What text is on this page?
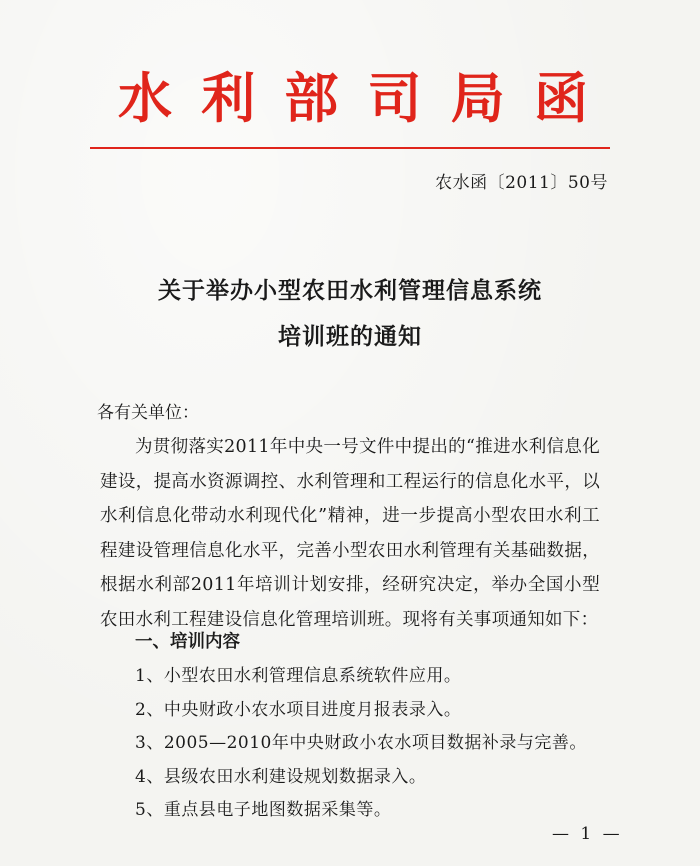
水 利 部 司 局 函
农水函〔2011〕50号
关于举办小型农田水利管理信息系统
培训班的通知
各有关单位：
为贯彻落实2011年中央一号文件中提出的“推进水利信息化建设，提高水资源调控、水利管理和工程运行的信息化水平，以水利信息化带动水利现代化”精神，进一步提高小型农田水利工程建设管理信息化水平，完善小型农田水利管理有关基础数据，根据水利部2011年培训计划安排，经研究决定，举办全国小型农田水利工程建设信息化管理培训班。现将有关事项通知如下：
一、培训内容
1、小型农田水利管理信息系统软件应用。
2、中央财政小农水项目进度月报表录入。
3、2005—2010年中央财政小农水项目数据补录与完善。
4、县级农田水利建设规划数据录入。
5、重点县电子地图数据采集等。
— 1 —
